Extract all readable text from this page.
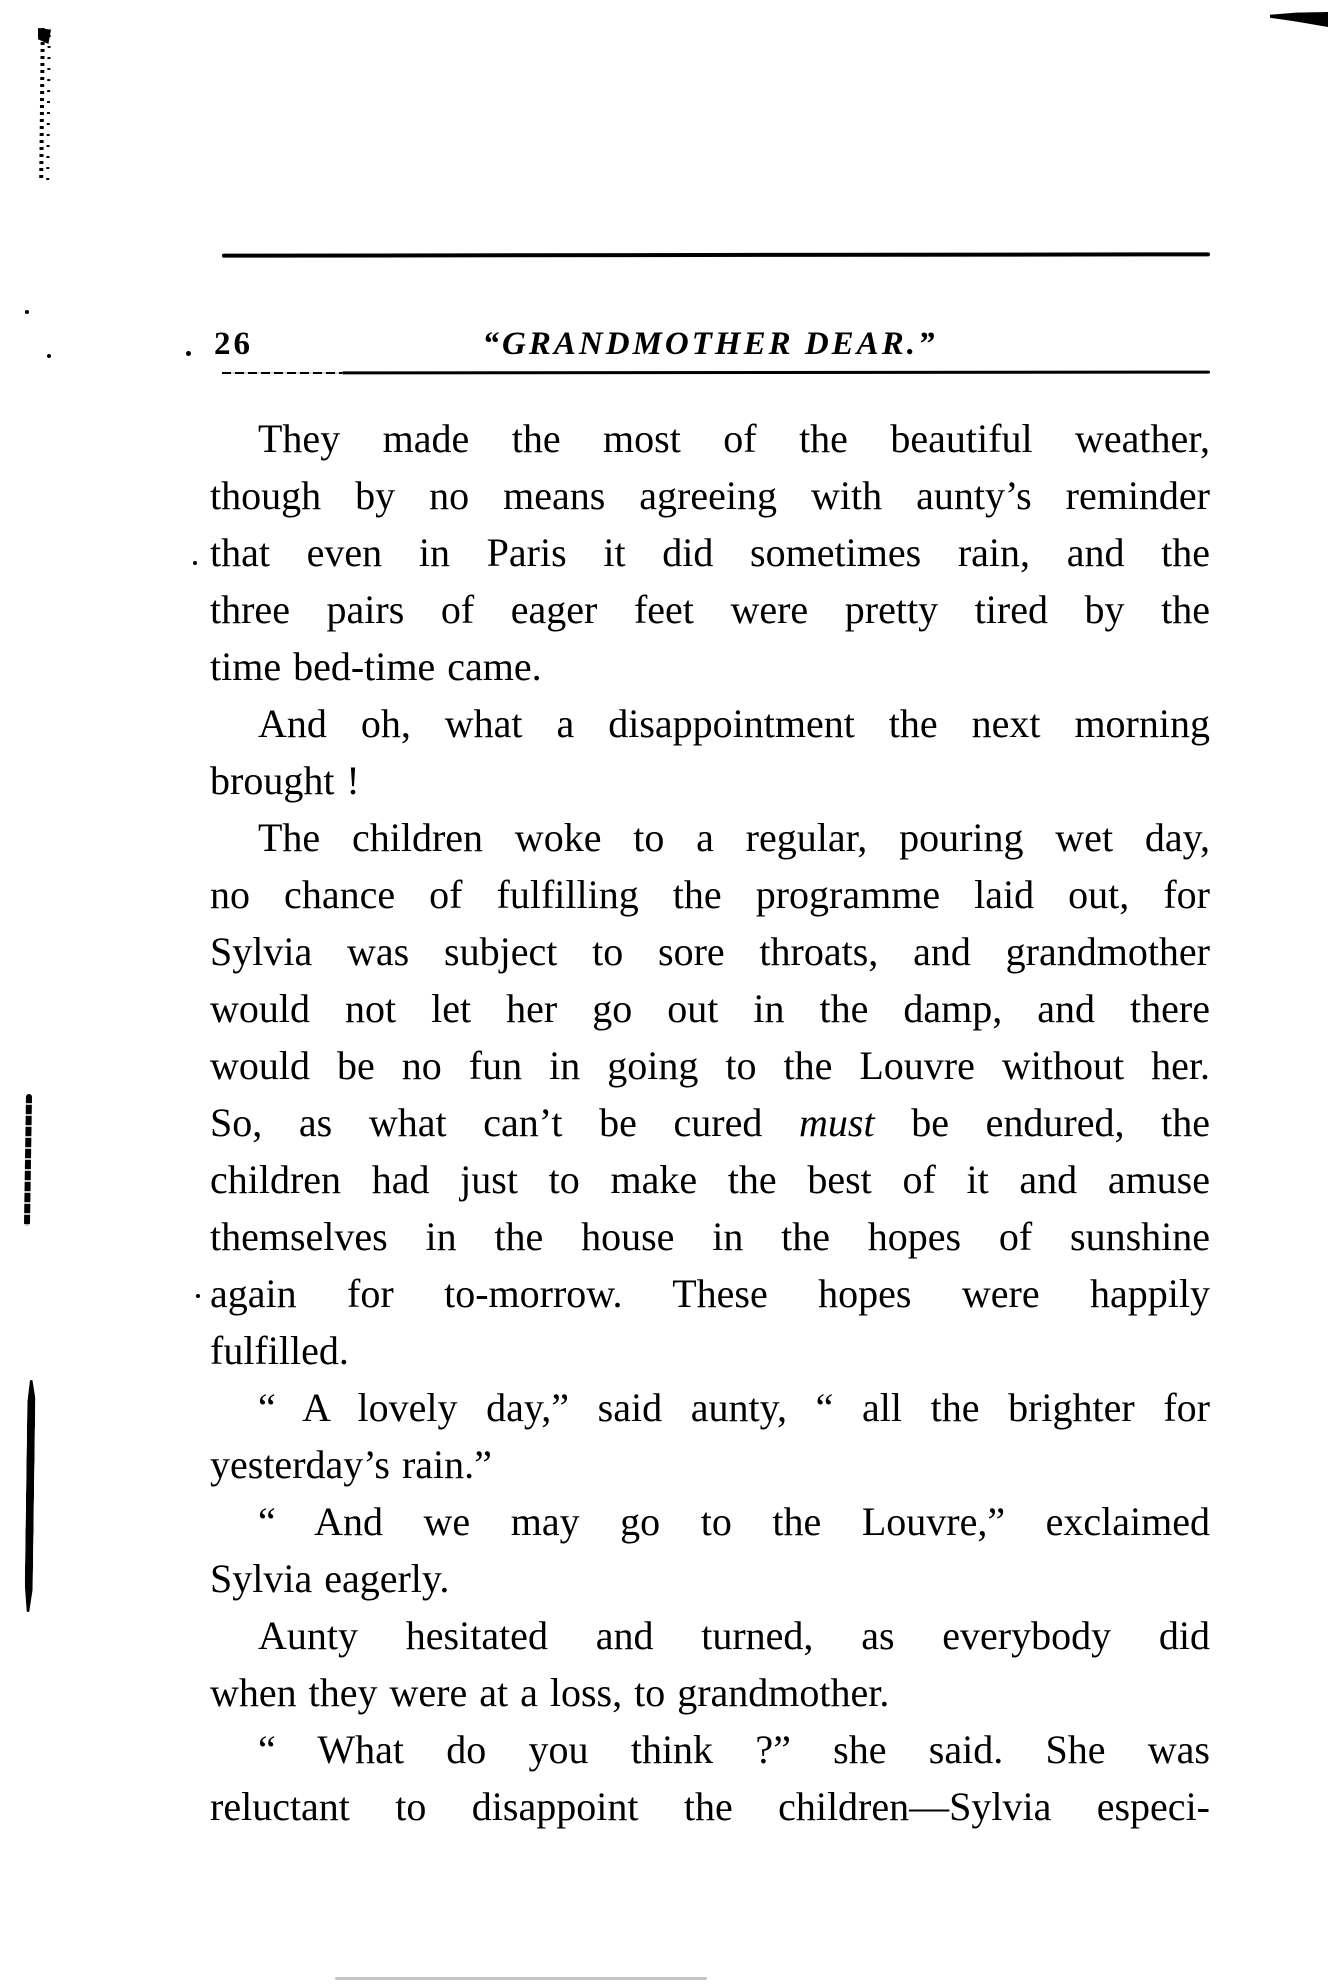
26	“GRANDMOTHER DEAR.”
They made the most of the beautiful weather,
though by no means agreeing with aunty’s reminder
that even in Paris it did sometimes rain, and the
three pairs of eager feet were pretty tired by the
time bed-time came.
And oh, what a disappointment the next morning
brought !
The children woke to a regular, pouring wet day,
no chance of fulfilling the programme laid out, for
Sylvia was subject to sore throats, and grandmother
would not let her go out in the damp, and there
would be no fun in going to the Louvre without her.
So, as what can’t be cured must be endured, the
children had just to make the best of it and amuse
themselves in the house in the hopes of sunshine
again for to-morrow. These hopes were happily
fulfilled.
“ A lovely day,” said aunty, “ all the brighter for
yesterday’s rain.”
“ And we may go to the Louvre,” exclaimed
Sylvia eagerly.
Aunty hesitated and turned, as everybody did
when they were at a loss, to grandmother.
“ What do you think ?” she said. She was
reluctant to disappoint the children—Sylvia especi-
